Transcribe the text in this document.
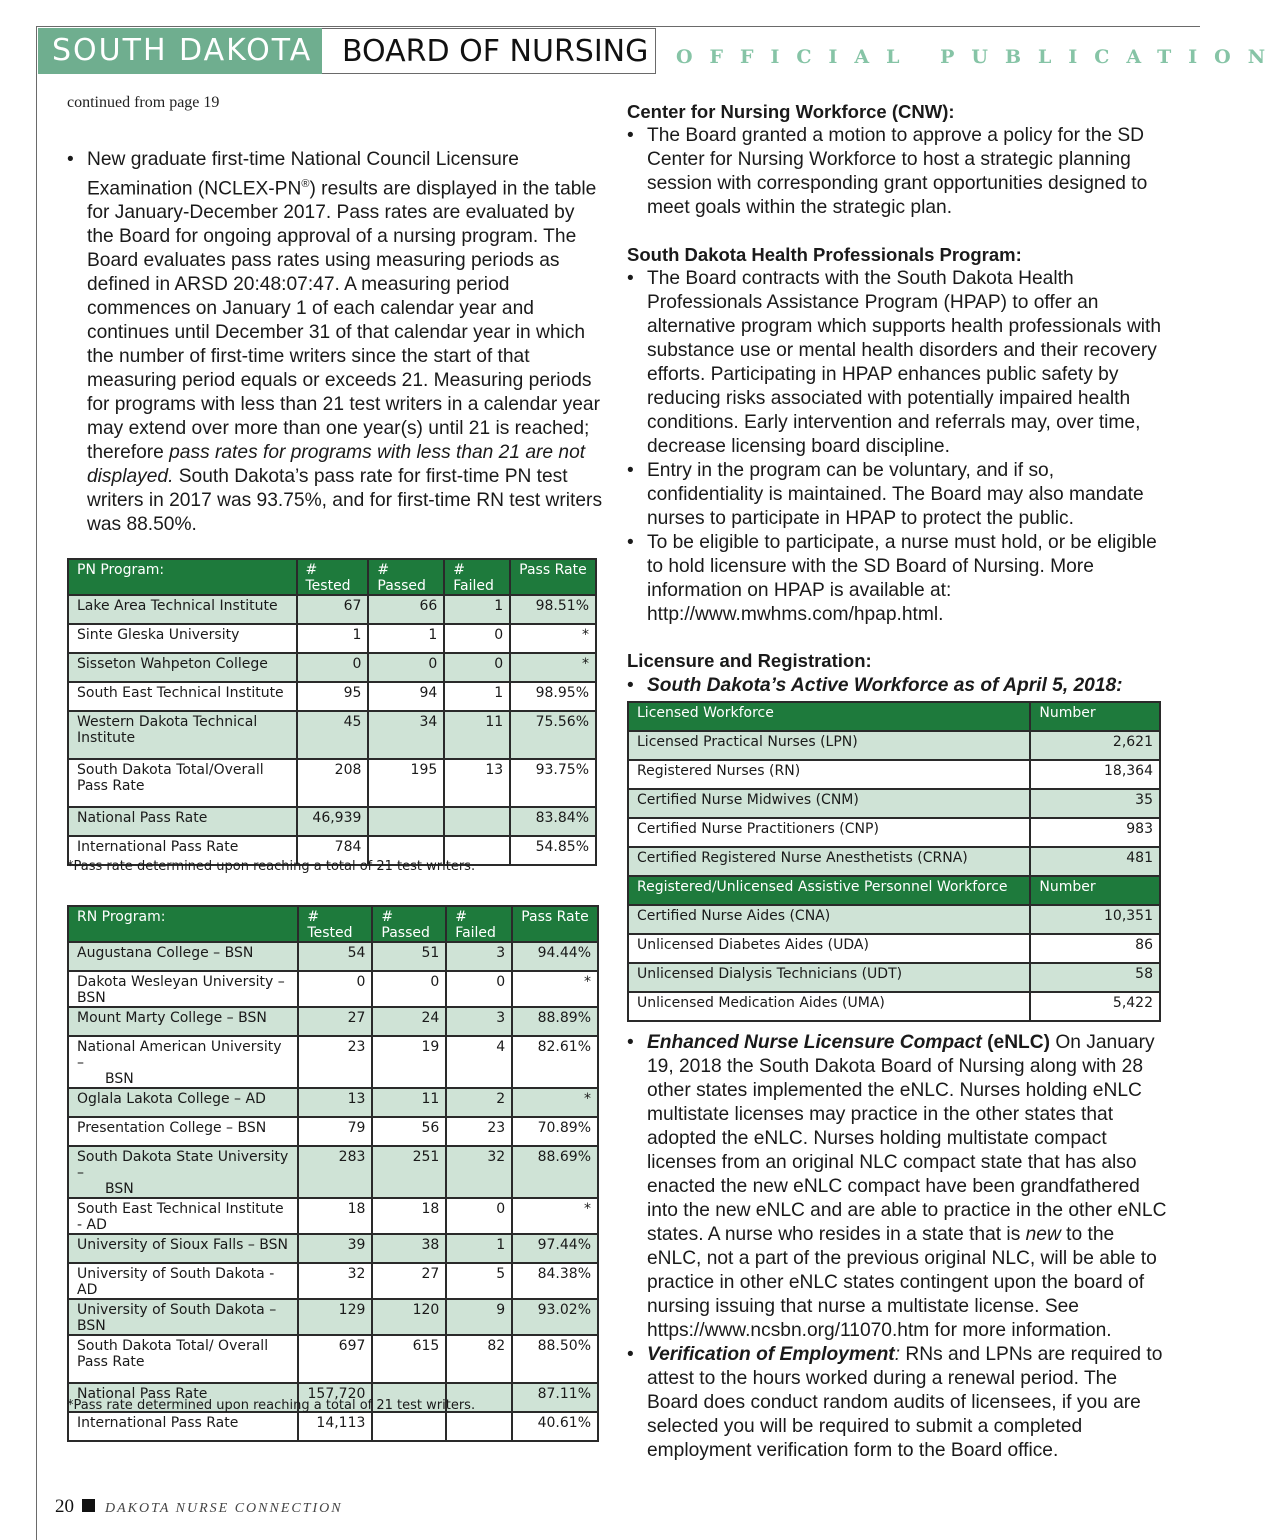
SOUTH DAKOTA BOARD OF NURSING	OFFICIAL PUBLICATION
continued from page 19
• New graduate first-time National Council Licensure Examination (NCLEX-PN®) results are displayed in the table for January-December 2017. Pass rates are evaluated by the Board for ongoing approval of a nursing program. The Board evaluates pass rates using measuring periods as defined in ARSD 20:48:07:47. A measuring period commences on January 1 of each calendar year and continues until December 31 of that calendar year in which the number of first-time writers since the start of that measuring period equals or exceeds 21. Measuring periods for programs with less than 21 test writers in a calendar year may extend over more than one year(s) until 21 is reached; therefore pass rates for programs with less than 21 are not displayed. South Dakota’s pass rate for first-time PN test writers in 2017 was 93.75%, and for first-time RN test writers was 88.50%.
PN Program:	# Tested	# Passed	# Failed	Pass Rate
Lake Area Technical Institute	67	66	1	98.51%
Sinte Gleska University	1	1	0	*
Sisseton Wahpeton College	0	0	0	*
South East Technical Institute	95	94	1	98.95%
Western Dakota Technical Institute	45	34	11	75.56%
South Dakota Total/Overall Pass Rate	208	195	13	93.75%
National Pass Rate	46,939			83.84%
International Pass Rate	784			54.85%
*Pass rate determined upon reaching a total of 21 test writers.
RN Program:	# Tested	# Passed	# Failed	Pass Rate
Augustana College – BSN	54	51	3	94.44%
Dakota Wesleyan University – BSN	0	0	0	*
Mount Marty College – BSN	27	24	3	88.89%
National American University –
BSN	23	19	4	82.61%
Oglala Lakota College – AD	13	11	2	*
Presentation College – BSN	79	56	23	70.89%
South Dakota State University –
BSN	283	251	32	88.69%
South East Technical Institute - AD	18	18	0	*
University of Sioux Falls – BSN	39	38	1	97.44%
University of South Dakota - AD	32	27	5	84.38%
University of South Dakota – BSN	129	120	9	93.02%
South Dakota Total/ Overall Pass Rate	697	615	82	88.50%
National Pass Rate	157,720			87.11%
International Pass Rate	14,113			40.61%
*Pass rate determined upon reaching a total of 21 test writers.
Center for Nursing Workforce (CNW):
• The Board granted a motion to approve a policy for the SD Center for Nursing Workforce to host a strategic planning session with corresponding grant opportunities designed to meet goals within the strategic plan.
South Dakota Health Professionals Program:
• The Board contracts with the South Dakota Health Professionals Assistance Program (HPAP) to offer an alternative program which supports health professionals with substance use or mental health disorders and their recovery efforts. Participating in HPAP enhances public safety by reducing risks associated with potentially impaired health conditions. Early intervention and referrals may, over time, decrease licensing board discipline.
• Entry in the program can be voluntary, and if so, confidentiality is maintained. The Board may also mandate nurses to participate in HPAP to protect the public.
• To be eligible to participate, a nurse must hold, or be eligible to hold licensure with the SD Board of Nursing. More information on HPAP is available at: http://www.mwhms.com/hpap.html.
Licensure and Registration:
• South Dakota’s Active Workforce as of April 5, 2018:
Licensed Workforce	Number
Licensed Practical Nurses (LPN)	2,621
Registered Nurses (RN)	18,364
Certified Nurse Midwives (CNM)	35
Certified Nurse Practitioners (CNP)	983
Certified Registered Nurse Anesthetists (CRNA)	481
Registered/Unlicensed Assistive Personnel Workforce	Number
Certified Nurse Aides (CNA)	10,351
Unlicensed Diabetes Aides (UDA)	86
Unlicensed Dialysis Technicians (UDT)	58
Unlicensed Medication Aides (UMA)	5,422
• Enhanced Nurse Licensure Compact (eNLC) On January 19, 2018 the South Dakota Board of Nursing along with 28 other states implemented the eNLC. Nurses holding eNLC multistate licenses may practice in the other states that adopted the eNLC. Nurses holding multistate compact licenses from an original NLC compact state that has also enacted the new eNLC compact have been grandfathered into the new eNLC and are able to practice in the other eNLC states. A nurse who resides in a state that is new to the eNLC, not a part of the previous original NLC, will be able to practice in other eNLC states contingent upon the board of nursing issuing that nurse a multistate license. See https://www.ncsbn.org/11070.htm for more information.
• Verification of Employment: RNs and LPNs are required to attest to the hours worked during a renewal period. The Board does conduct random audits of licensees, if you are selected you will be required to submit a completed employment verification form to the Board office.
20 DAKOTA NURSE CONNECTION
